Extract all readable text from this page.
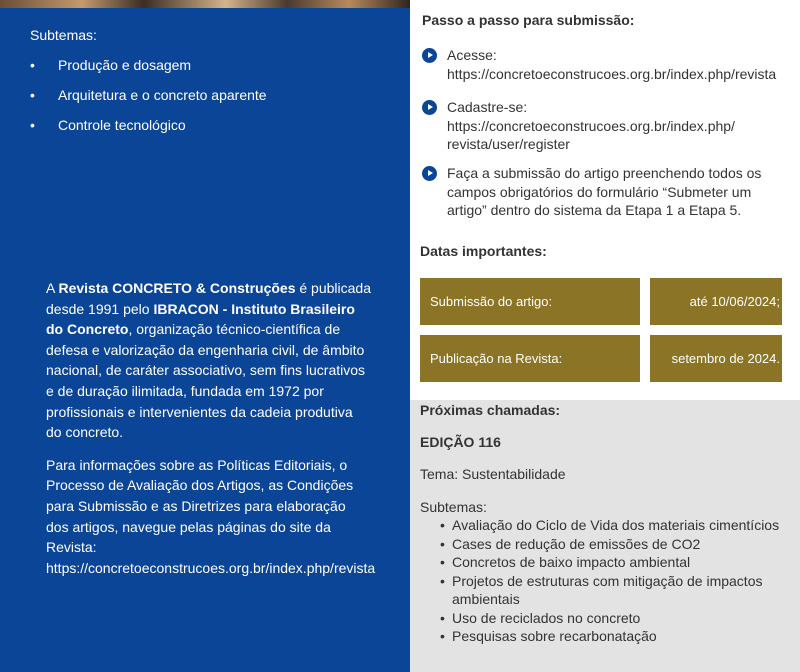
Subtemas:
• Produção e dosagem
• Arquitetura e o concreto aparente
• Controle tecnológico

A Revista CONCRETO & Construções é publicada desde 1991 pelo IBRACON - Instituto Brasileiro do Concreto, organização técnico-científica de defesa e valorização da engenharia civil, de âmbito nacional, de caráter associativo, sem fins lucrativos e de duração ilimitada, fundada em 1972 por profissionais e intervenientes da cadeia produtiva do concreto.

Para informações sobre as Políticas Editoriais, o Processo de Avaliação dos Artigos, as Condições para Submissão e as Diretrizes para elaboração dos artigos, navegue pelas páginas do site da Revista: https://concretoeconstrucoes.org.br/index.php/revista

Passo a passo para submissão:
Acesse:
https://concretoeconstrucoes.org.br/index.php/revista
Cadastre-se:
https://concretoeconstrucoes.org.br/index.php/
revista/user/register
Faça a submissão do artigo preenchendo todos os campos obrigatórios do formulário “Submeter um artigo” dentro do sistema da Etapa 1 a Etapa 5.
Datas importantes:
Submissão do artigo:	até 10/06/2024;
Publicação na Revista:	setembro de 2024.
Próximas chamadas:
EDIÇÃO 116
Tema: Sustentabilidade
Subtemas:
• Avaliação do Ciclo de Vida dos materiais cimentícios
• Cases de redução de emissões de CO2
• Concretos de baixo impacto ambiental
• Projetos de estruturas com mitigação de impactos ambientais
• Uso de reciclados no concreto
• Pesquisas sobre recarbonatação
